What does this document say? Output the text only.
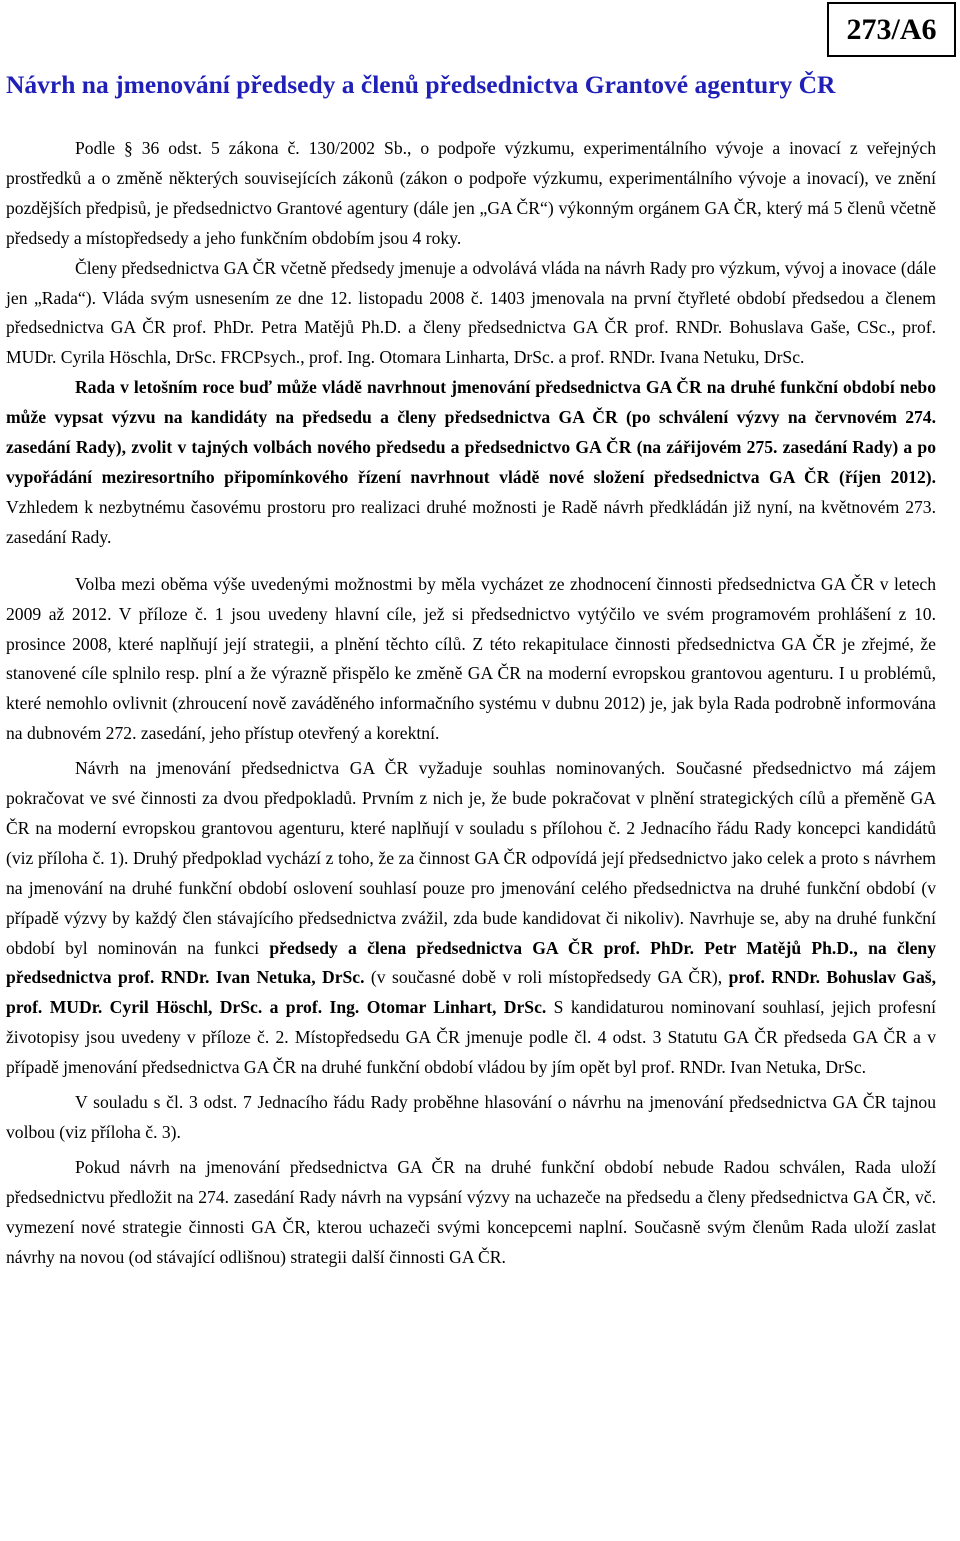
273/A6
Návrh na jmenování předsedy a členů předsednictva Grantové agentury ČR

Podle § 36 odst. 5 zákona č. 130/2002 Sb., o podpoře výzkumu, experimentálního vývoje a inovací z veřejných prostředků a o změně některých souvisejících zákonů (zákon o podpoře výzkumu, experimentálního vývoje a inovací), ve znění pozdějších předpisů, je předsednictvo Grantové agentury (dále jen „GA ČR“) výkonným orgánem GA ČR, který má 5 členů včetně předsedy a místopředsedy a jeho funkčním obdobím jsou 4 roky.

Členy předsednictva GA ČR včetně předsedy jmenuje a odvolává vláda na návrh Rady pro výzkum, vývoj a inovace (dále jen „Rada“). Vláda svým usnesením ze dne 12. listopadu 2008 č. 1403 jmenovala na první čtyřleté období předsedou a členem předsednictva GA ČR prof. PhDr. Petra Matějů Ph.D. a členy předsednictva GA ČR prof. RNDr. Bohuslava Gaše, CSc., prof. MUDr. Cyrila Höschla, DrSc. FRCPsych., prof. Ing. Otomara Linharta, DrSc. a prof. RNDr. Ivana Netuku, DrSc.

Rada v letošním roce buď může vládě navrhnout jmenování předsednictva GA ČR na druhé funkční období nebo může vypsat výzvu na kandidáty na předsedu a členy předsednictva GA ČR (po schválení výzvy na červnovém 274. zasedání Rady), zvolit v tajných volbách nového předsedu a předsednictvo GA ČR (na zářijovém 275. zasedání Rady) a po vypořádání meziresortního připomínkového řízení navrhnout vládě nové složení předsednictva GA ČR (říjen 2012). Vzhledem k nezbytnému časovému prostoru pro realizaci druhé možnosti je Radě návrh předkládán již nyní, na květnovém 273. zasedání Rady.

Volba mezi oběma výše uvedenými možnostmi by měla vycházet ze zhodnocení činnosti předsednictva GA ČR v letech 2009 až 2012. V příloze č. 1 jsou uvedeny hlavní cíle, jež si předsednictvo vytýčilo ve svém programovém prohlášení z 10. prosince 2008, které naplňují její strategii, a plnění těchto cílů. Z této rekapitulace činnosti předsednictva GA ČR je zřejmé, že stanovené cíle splnilo resp. plní a že výrazně přispělo ke změně GA ČR na moderní evropskou grantovou agenturu. I u problémů, které nemohlo ovlivnit (zhroucení nově zaváděného informačního systému v dubnu 2012) je, jak byla Rada podrobně informována na dubnovém 272. zasedání, jeho přístup otevřený a korektní.

Návrh na jmenování předsednictva GA ČR vyžaduje souhlas nominovaných. Současné předsednictvo má zájem pokračovat ve své činnosti za dvou předpokladů. Prvním z nich je, že bude pokračovat v plnění strategických cílů a přeměně GA ČR na moderní evropskou grantovou agenturu, které naplňují v souladu s přílohou č. 2 Jednacího řádu Rady koncepci kandidátů (viz příloha č. 1). Druhý předpoklad vychází z toho, že za činnost GA ČR odpovídá její předsednictvo jako celek a proto s návrhem na jmenování na druhé funkční období oslovení souhlasí pouze pro jmenování celého předsednictva na druhé funkční období (v případě výzvy by každý člen stávajícího předsednictva zvážil, zda bude kandidovat či nikoliv). Navrhuje se, aby na druhé funkční období byl nominován na funkci předsedy a člena předsednictva GA ČR prof. PhDr. Petr Matějů Ph.D., na členy předsednictva prof. RNDr. Ivan Netuka, DrSc. (v současné době v roli místopředsedy GA ČR), prof. RNDr. Bohuslav Gaš, prof. MUDr. Cyril Höschl, DrSc. a prof. Ing. Otomar Linhart, DrSc. S kandidaturou nominovaní souhlasí, jejich profesní životopisy jsou uvedeny v příloze č. 2. Místopředsedu GA ČR jmenuje podle čl. 4 odst. 3 Statutu GA ČR předseda GA ČR a v případě jmenování předsednictva GA ČR na druhé funkční období vládou by jím opět byl prof. RNDr. Ivan Netuka, DrSc.

V souladu s čl. 3 odst. 7 Jednacího řádu Rady proběhne hlasování o návrhu na jmenování předsednictva GA ČR tajnou volbou (viz příloha č. 3).

Pokud návrh na jmenování předsednictva GA ČR na druhé funkční období nebude Radou schválen, Rada uloží předsednictvu předložit na 274. zasedání Rady návrh na vypsání výzvy na uchazeče na předsedu a členy předsednictva GA ČR, vč. vymezení nové strategie činnosti GA ČR, kterou uchazeči svými koncepcemi naplní. Současně svým členům Rada uloží zaslat návrhy na novou (od stávající odlišnou) strategii další činnosti GA ČR.
